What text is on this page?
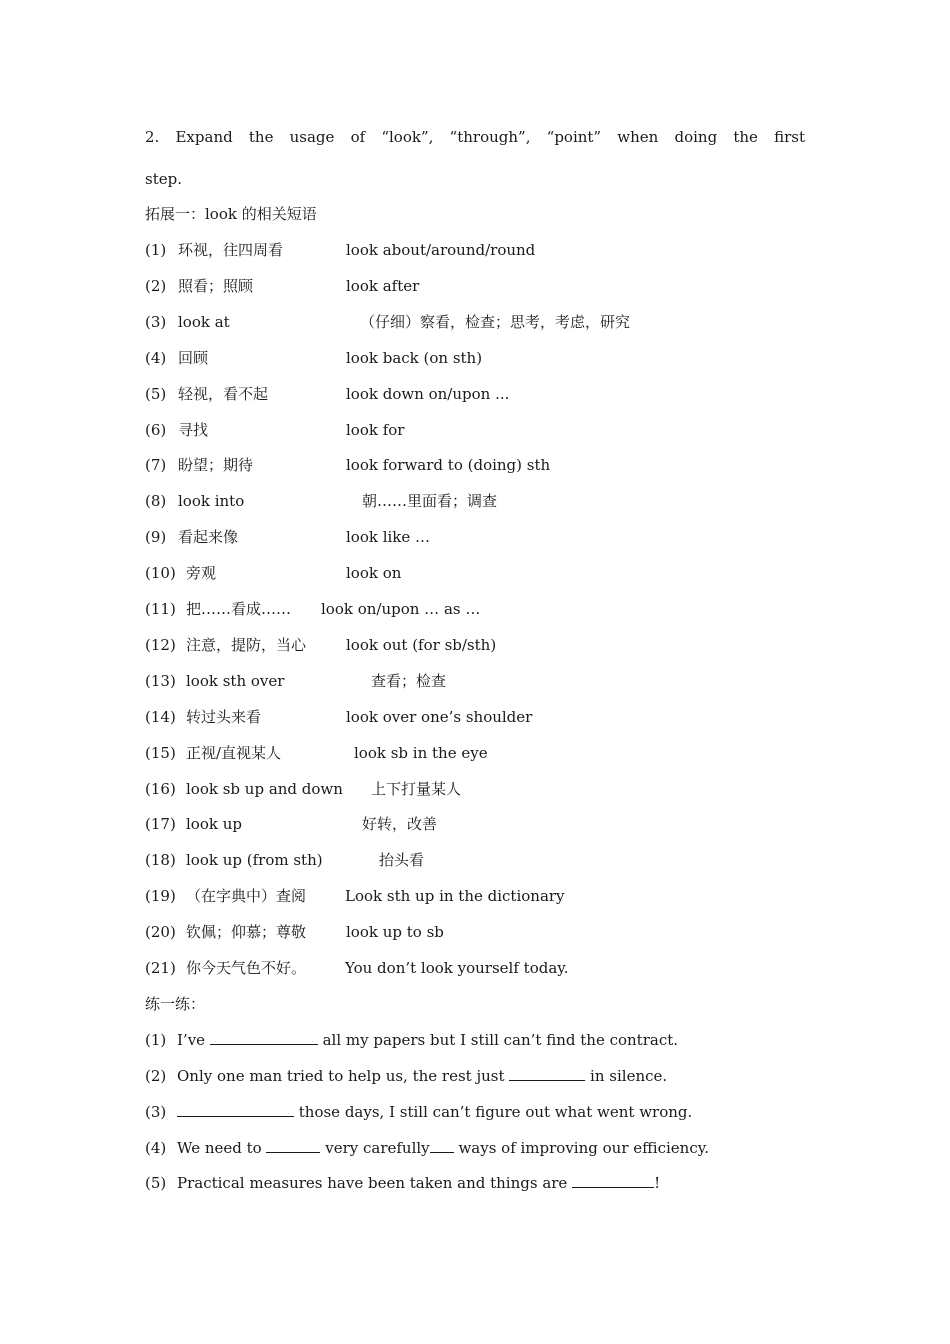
2. Expand the usage of “look”, “through”, “point” when doing the first
step.
拓展一：look 的相关短语
(1) 环视，往四周看	look about/around/round
(2) 照看；照顾	look after
(3) look at	（仔细）察看，检查；思考，考虑，研究
(4) 回顾	look back (on sth)
(5) 轻视，看不起	look down on/upon ...
(6) 寻找	look for
(7) 盼望；期待	look forward to (doing) sth
(8) look into	朝……里面看；调查
(9) 看起来像	look like …
(10) 旁观	look on
(11) 把……看成…… look on/upon … as …
(12) 注意，提防，当心	look out (for sb/sth)
(13) look sth over	查看；检查
(14) 转过头来看	look over one’s shoulder
(15) 正视/直视某人	look sb in the eye
(16) look sb up and down 上下打量某人
(17) look up	好转，改善
(18) look up (from sth)	抬头看
(19) （在字典中）查阅	Look sth up in the dictionary
(20) 钦佩；仰慕；尊敬	look up to sb
(21) 你今天气色不好。	You don’t look yourself today.
练一练：
(1) I’ve	all my papers but I still can’t find the contract.
(2) Only one man tried to help us, the rest just	in silence.
(3)	those days, I still can’t figure out what went wrong.
(4) We need to	very carefully ways of improving our efficiency.
(5) Practical measures have been taken and things are	!
